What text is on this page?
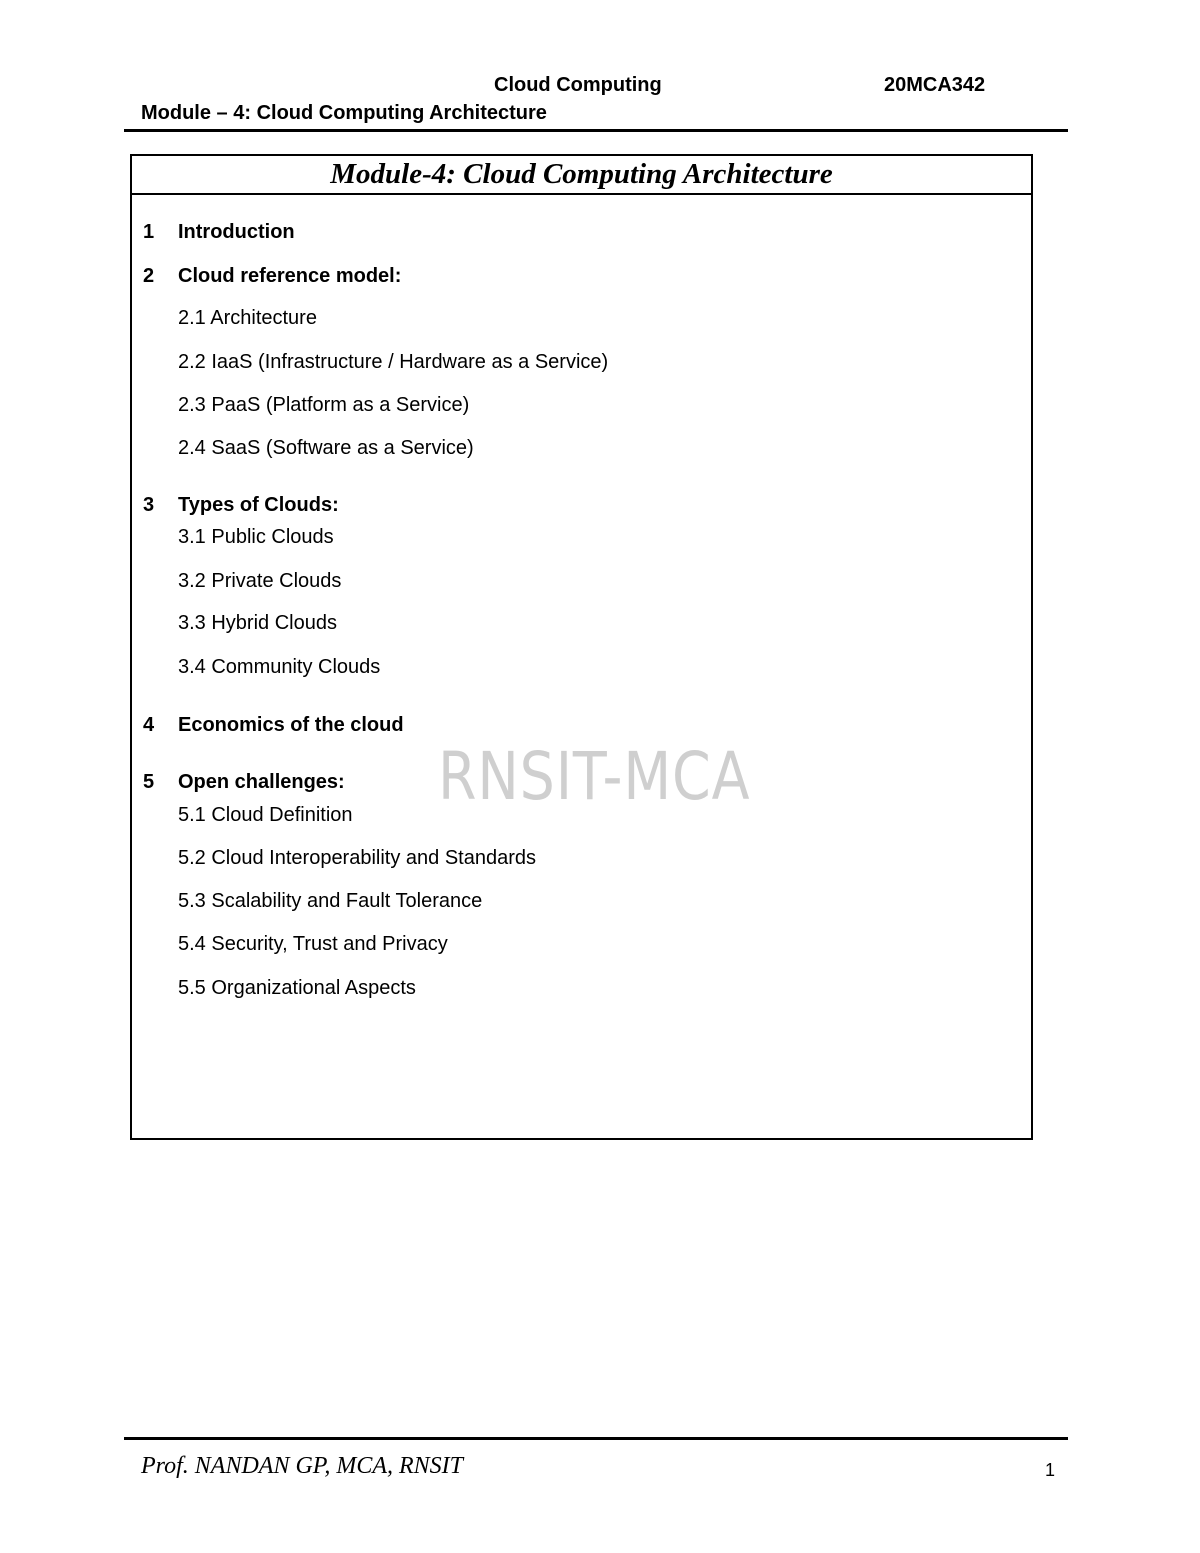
Cloud Computing	20MCA342
Module – 4: Cloud Computing Architecture
Module-4: Cloud Computing Architecture
1 Introduction
2 Cloud reference model:
2.1 Architecture
2.2 IaaS (Infrastructure / Hardware as a Service)
2.3 PaaS (Platform as a Service)
2.4 SaaS (Software as a Service)
3 Types of Clouds:
3.1 Public Clouds
3.2 Private Clouds
3.3 Hybrid Clouds
3.4 Community Clouds
4 Economics of the cloud
5 Open challenges:
5.1 Cloud Definition
5.2 Cloud Interoperability and Standards
5.3 Scalability and Fault Tolerance
5.4 Security, Trust and Privacy
5.5 Organizational Aspects
RNSIT-MCA
Prof. NANDAN GP, MCA, RNSIT	1
